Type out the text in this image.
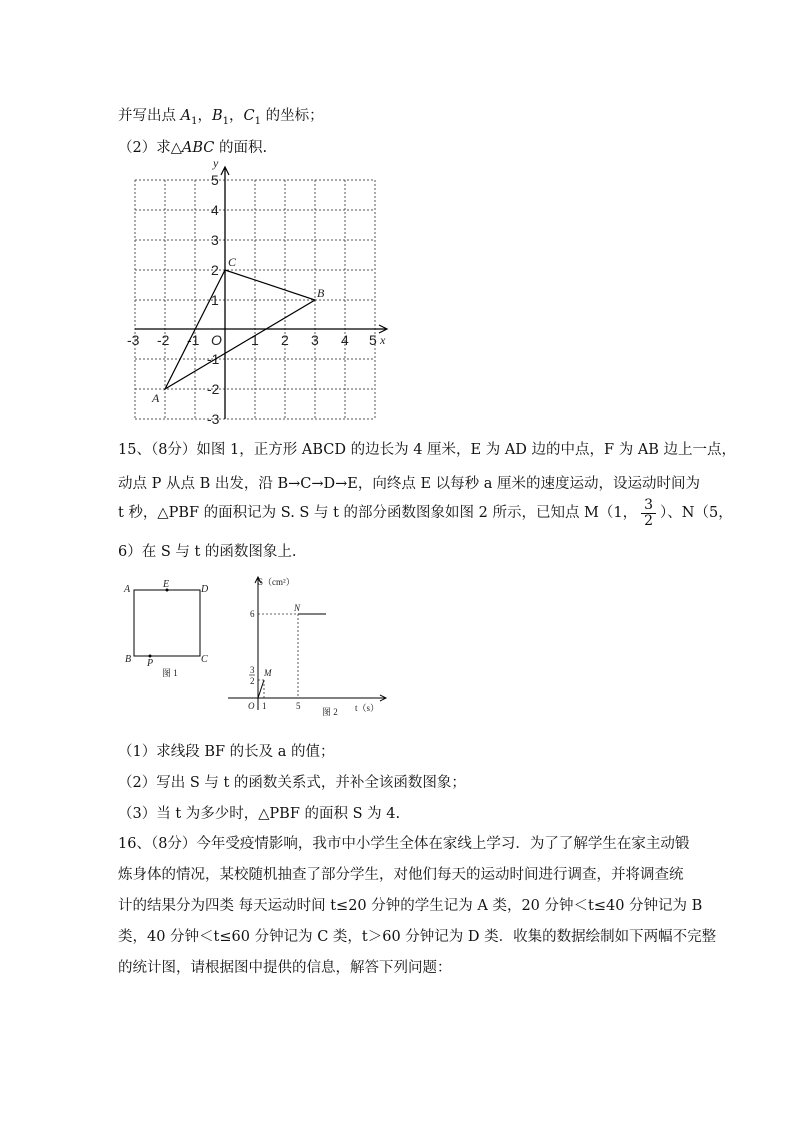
并写出点 $A_1$，$B_1$，$C_1$ 的坐标；
（2）求△ABC 的面积.
x
y
-3 -2 -1 O 1 2 3 4 5
5
4
3
2
1
-1
-2
-3
A
B
C
15、（8分）如图 1，正方形 ABCD 的边长为 4 厘米，E 为 AD 边的中点，F 为 AB 边上一点，
动点 P 从点 B 出发，沿 B→C→D→E，向终点 E 以每秒 a 厘米的速度运动，设运动时间为
t 秒，△PBF 的面积记为 S. S 与 t 的部分函数图象如图 2 所示，已知点 M（1， $\frac{3}{2}$ ）、N（5，
6）在 S 与 t 的函数图象上.
A	E	D
B	C
P
图 1
S（cm²）
t（s）
6
3
2
M
N
O 1	5
图 2
（1）求线段 BF 的长及 a 的值；
（2）写出 S 与 t 的函数关系式，并补全该函数图象；
（3）当 t 为多少时，△PBF 的面积 S 为 4.
16、（8分）今年受疫情影响，我市中小学生全体在家线上学习．为了了解学生在家主动锻
炼身体的情况，某校随机抽查了部分学生，对他们每天的运动时间进行调查，并将调查统
计的结果分为四类 每天运动时间 t≤20 分钟的学生记为 A 类，20 分钟＜t≤40 分钟记为 B
类，40 分钟＜t≤60 分钟记为 C 类，t＞60 分钟记为 D 类．收集的数据绘制如下两幅不完整
的统计图，请根据图中提供的信息，解答下列问题：
